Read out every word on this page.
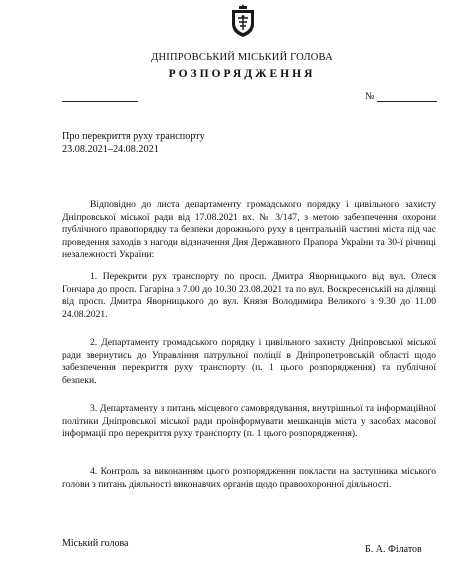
ДНІПРОВСЬКИЙ МІСЬКИЙ ГОЛОВА
РОЗПОРЯДЖЕННЯ
№
Про перекриття руху транспорту
23.08.2021–24.08.2021

Відповідно до листа департаменту громадського порядку і цивільного захисту Дніпровської міської ради від 17.08.2021 вх. № 3/147, з метою забезпечення охорони публічного правопорядку та безпеки дорожнього руху в центральній частині міста під час проведення заходів з нагоди відзначення Дня Державного Прапора України та 30-ї річниці незалежності України:

1. Перекрити рух транспорту по просп. Дмитра Яворницького від вул. Олеся Гончара до просп. Гагаріна з 7.00 до 10.30 23.08.2021 та по вул. Воскресенській на ділянці від просп. Дмитра Яворницького до вул. Князя Володимира Великого з 9.30 до 11.00 24.08.2021.

2. Департаменту громадського порядку і цивільного захисту Дніпровської міської ради звернутись до Управління патрульної поліції в Дніпропетровській області щодо забезпечення перекриття руху транспорту (п. 1 цього розпорядження) та публічної безпеки.

3. Департаменту з питань місцевого самоврядування, внутрішньої та інформаційної політики Дніпровської міської ради проінформувати мешканців міста у засобах масової інформації про перекриття руху транспорту (п. 1 цього розпорядження).

4. Контроль за виконанням цього розпорядження покласти на заступника міського голови з питань діяльності виконавчих органів щодо правоохоронної діяльності.

Міський голова
Б. А. Філатов
